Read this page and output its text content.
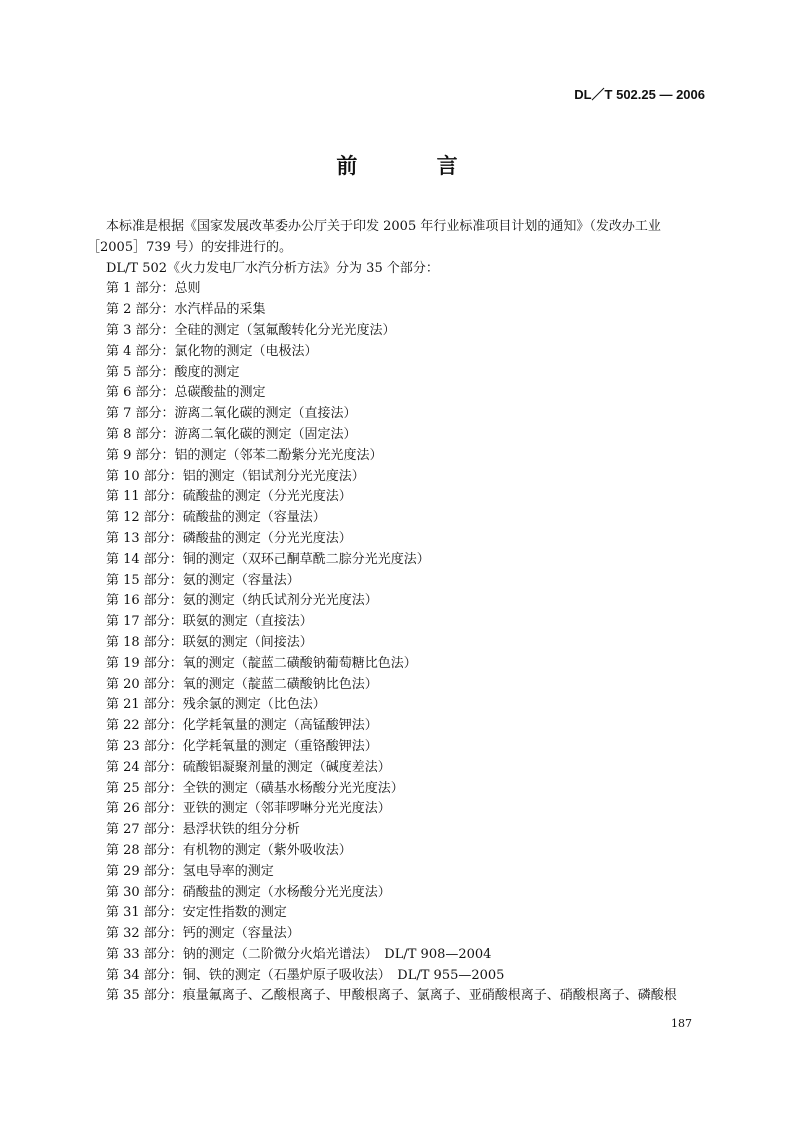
DL／T 502.25 — 2006
前 言

本标准是根据《国家发展改革委办公厅关于印发 2005 年行业标准项目计划的通知》（发改办工业［2005］739 号）的安排进行的。

DL/T 502《火力发电厂水汽分析方法》分为 35 个部分：

第 1 部分：总则
第 2 部分：水汽样品的采集
第 3 部分：全硅的测定（氢氟酸转化分光光度法）
第 4 部分：氯化物的测定（电极法）
第 5 部分：酸度的测定
第 6 部分：总碳酸盐的测定
第 7 部分：游离二氧化碳的测定（直接法）
第 8 部分：游离二氧化碳的测定（固定法）
第 9 部分：铝的测定（邻苯二酚紫分光光度法）
第 10 部分：铝的测定（铝试剂分光光度法）
第 11 部分：硫酸盐的测定（分光光度法）
第 12 部分：硫酸盐的测定（容量法）
第 13 部分：磷酸盐的测定（分光光度法）
第 14 部分：铜的测定（双环己酮草酰二腙分光光度法）
第 15 部分：氨的测定（容量法）
第 16 部分：氨的测定（纳氏试剂分光光度法）
第 17 部分：联氨的测定（直接法）
第 18 部分：联氨的测定（间接法）
第 19 部分：氧的测定（靛蓝二磺酸钠葡萄糖比色法）
第 20 部分：氧的测定（靛蓝二磺酸钠比色法）
第 21 部分：残余氯的测定（比色法）
第 22 部分：化学耗氧量的测定（高锰酸钾法）
第 23 部分：化学耗氧量的测定（重铬酸钾法）
第 24 部分：硫酸铝凝聚剂量的测定（碱度差法）
第 25 部分：全铁的测定（磺基水杨酸分光光度法）
第 26 部分：亚铁的测定（邻菲啰啉分光光度法）
第 27 部分：悬浮状铁的组分分析
第 28 部分：有机物的测定（紫外吸收法）
第 29 部分：氢电导率的测定
第 30 部分：硝酸盐的测定（水杨酸分光光度法）
第 31 部分：安定性指数的测定
第 32 部分：钙的测定（容量法）
第 33 部分：钠的测定（二阶微分火焰光谱法）　DL/T 908—2004
第 34 部分：铜、铁的测定（石墨炉原子吸收法）　DL/T 955—2005
第 35 部分：痕量氟离子、乙酸根离子、甲酸根离子、氯离子、亚硝酸根离子、硝酸根离子、磷酸根
187
